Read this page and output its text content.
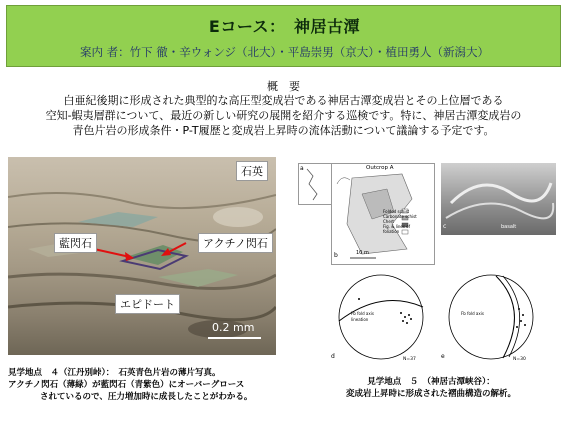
Eコース：　神居古潭
案内 者：竹下 徹・辛ウォンジ（北大）・平島崇男（京大）・植田勇人（新潟大）
概　要
白亜紀後期に形成された典型的な高圧型変成岩である神居古潭変成岩とその上位層である
空知-蝦夷層群について、最近の新しい研究の展開を紹介する巡検です。特に、神居古潭変成岩の
青色片岩の形成条件・P-T履歴と変成岩上昇時の流体活動について議論する予定です。
石英
藍閃石	アクチノ閃石
エピドート
0.2 mm
見学地点　４（江丹別峠）：　石英青色片岩の薄片写真。
アクチノ閃石（薄緑）が藍閃石（青紫色）にオーバーグロース
されているので、圧力増加時に成長したことがわかる。
b	10 m
a	Outcrop A
Folded schist
Carbonate schist
Chert
Fig. & lines of foliation
c	basalt
d	N=37
Fb fold axis
lineation
e	N=30
Fb fold axis
見学地点　５　（神居古潭峡谷）：
変成岩上昇時に形成された褶曲構造の解析。
